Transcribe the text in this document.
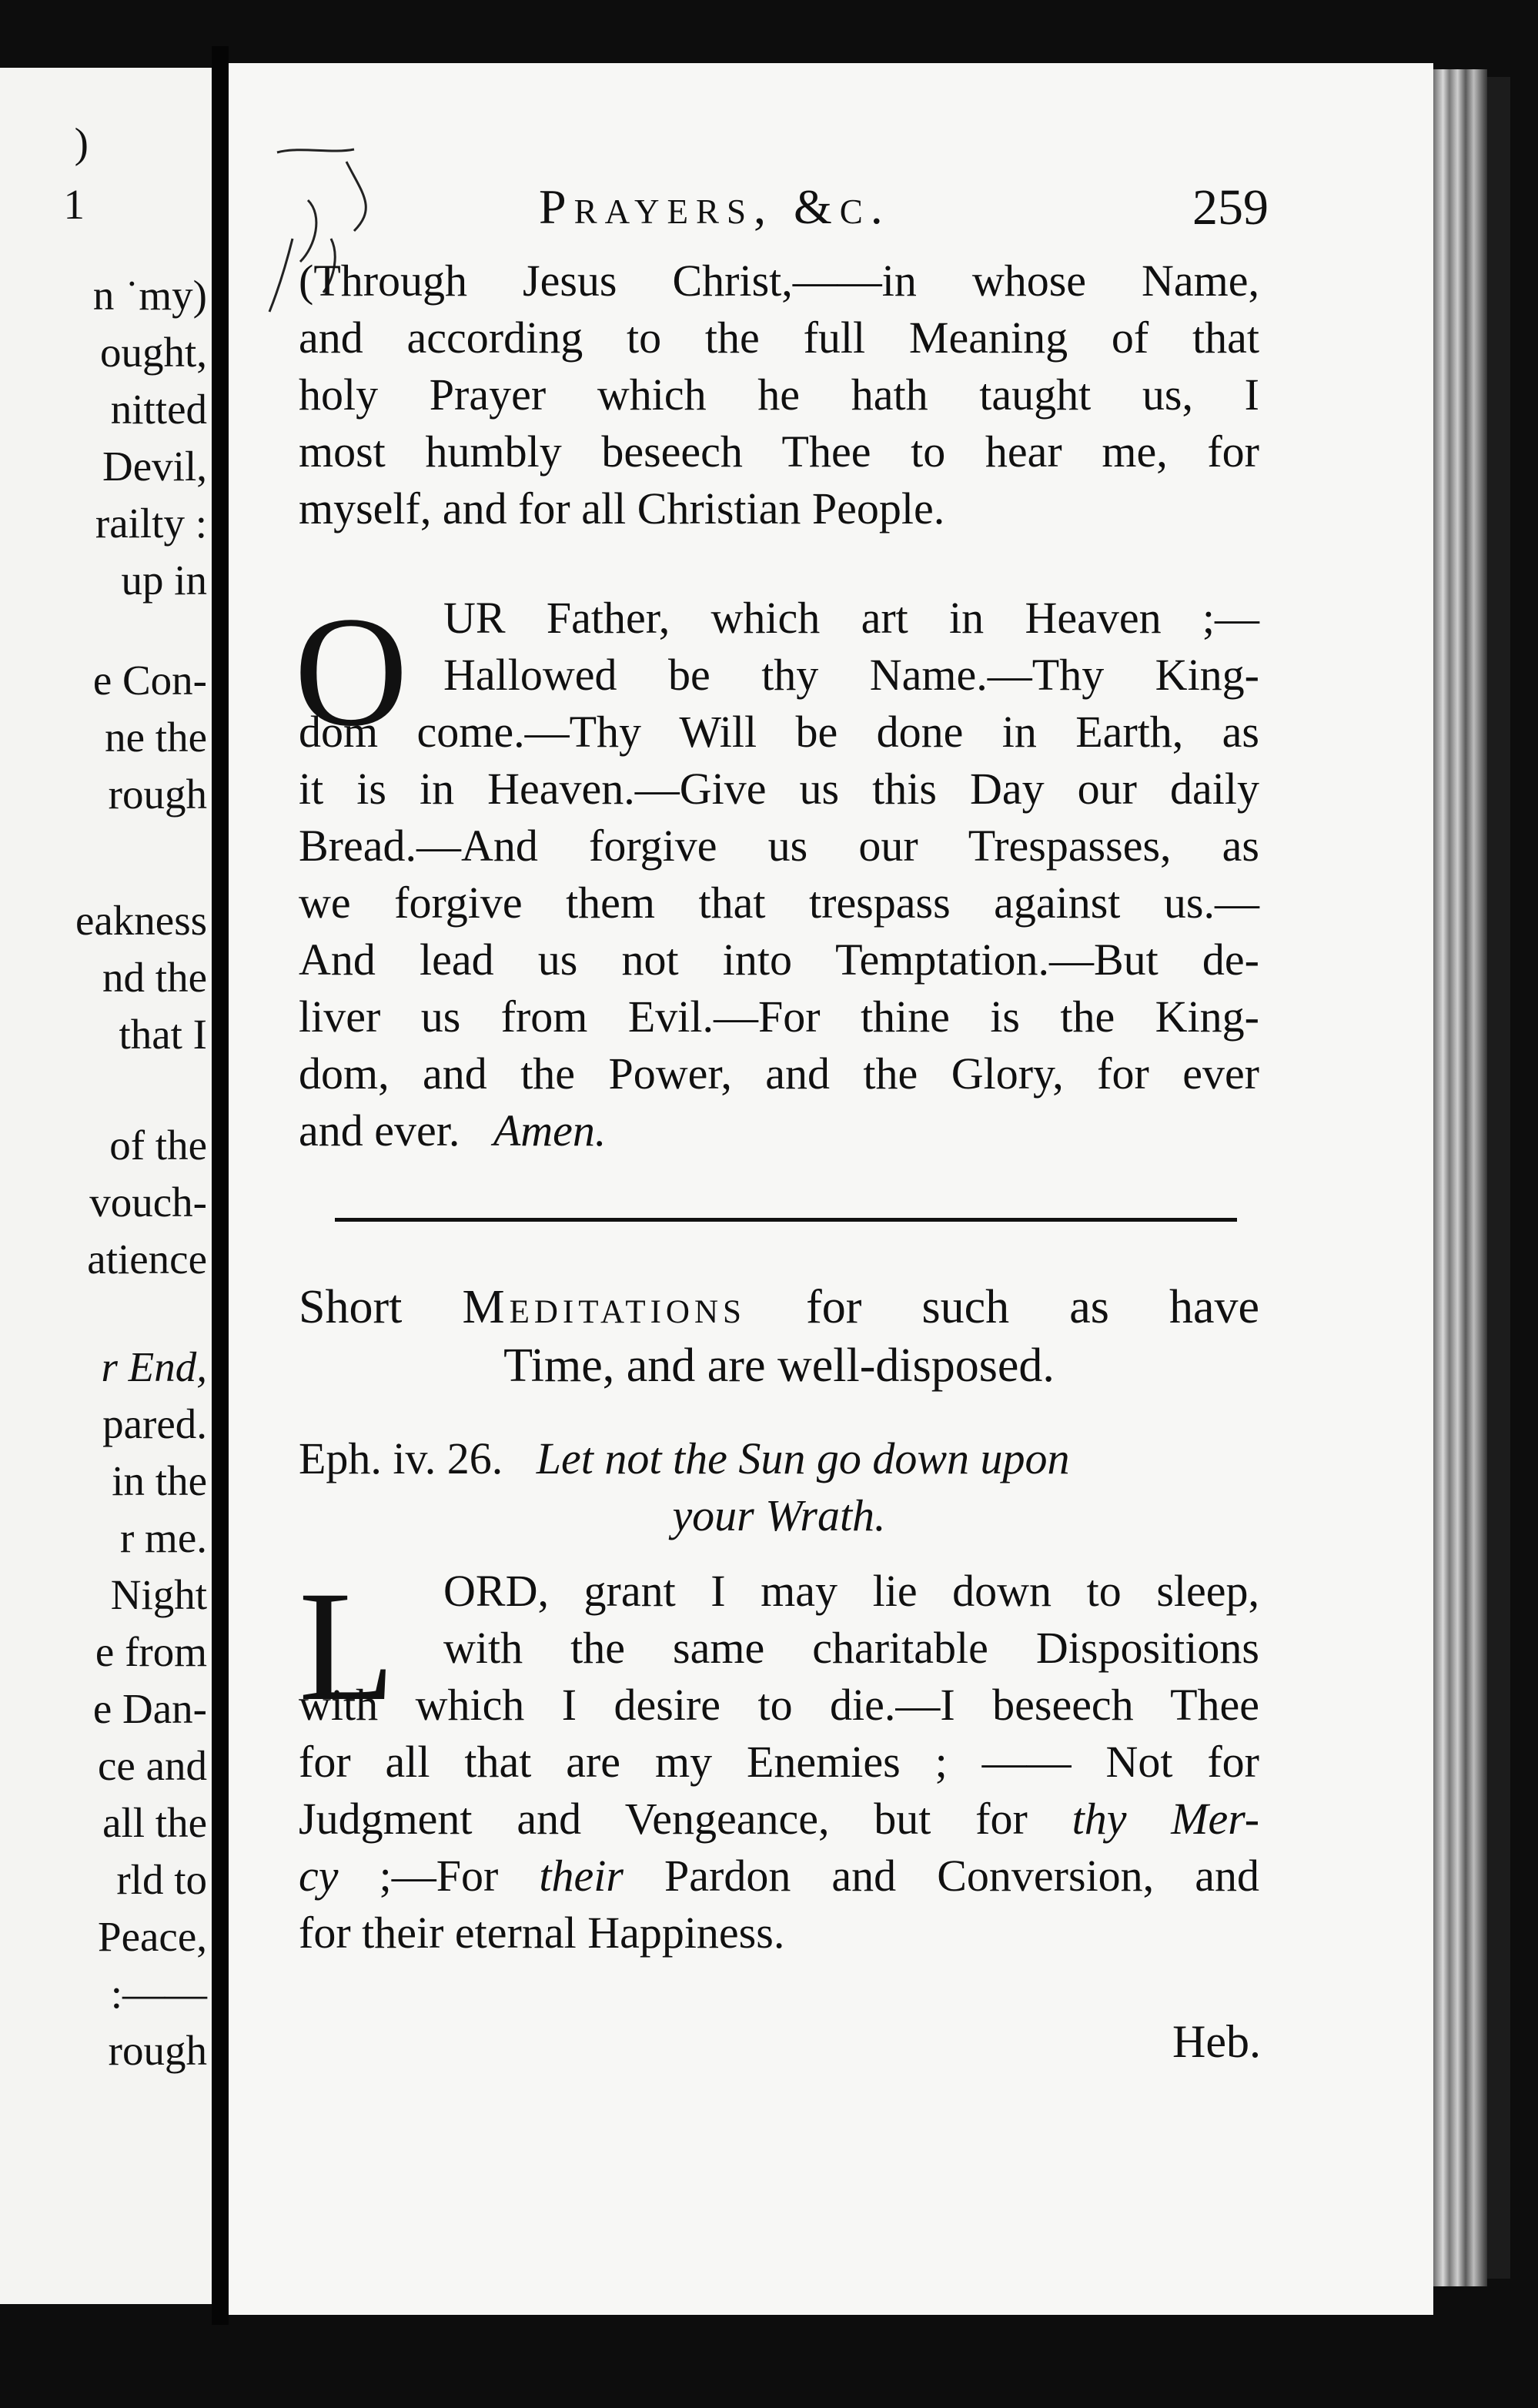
)
1
n ˙my)
ought,
nitted
Devil,
railty :
up in
e Con-
ne the
rough
eakness
nd the
that I
of the
vouch-
atience
r End,
pared.
in the
r me.
Night
e from
e Dan-
ce and
all the
rld to
Peace,
:——
rough
Prayers, &c.	259
(Through Jesus Christ,——in whose Name,
and according to the full Meaning of that
holy Prayer which he hath taught us, I
most humbly beseech Thee to hear me, for
myself, and for all Christian People.
O UR Father, which art in Heaven ;—
Hallowed be thy Name.—Thy King-
dom come.—Thy Will be done in Earth, as
it is in Heaven.—Give us this Day our daily
Bread.—And forgive us our Trespasses, as
we forgive them that trespass against us.—
And lead us not into Temptation.—But de-
liver us from Evil.—For thine is the King-
dom, and the Power, and the Glory, for ever
and ever. Amen.
Short Meditations for such as have
Time, and are well-disposed.
Eph. iv. 26. Let not the Sun go down upon
your Wrath.
L	ORD, grant I may lie down to sleep,
with the same charitable Dispositions
with which I desire to die.—I beseech Thee
for all that are my Enemies ; —— Not for
Judgment and Vengeance, but for thy Mer-
cy ;—For their Pardon and Conversion, and
for their eternal Happiness.
Heb.
